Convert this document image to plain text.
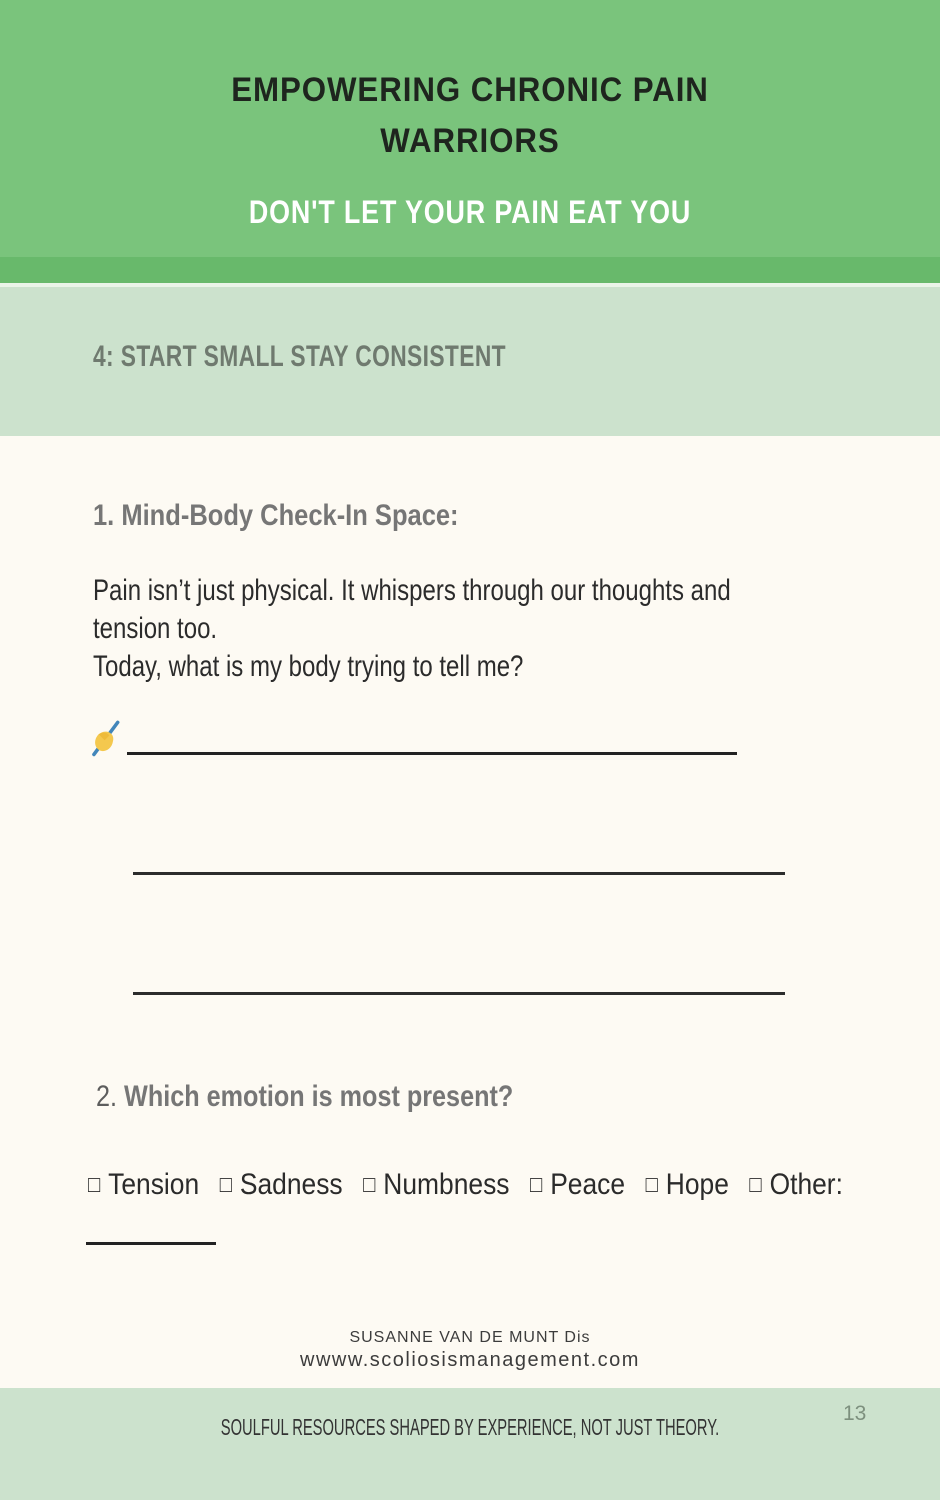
EMPOWERING CHRONIC PAIN
WARRIORS
DON'T LET YOUR PAIN EAT YOU
4: START SMALL STAY CONSISTENT
1. Mind-Body Check-In Space:
Pain isn’t just physical. It whispers through our thoughts and
tension too.
Today, what is my body trying to tell me?
2. Which emotion is most present?
□ Tension □ Sadness □ Numbness □ Peace □ Hope □ Other:
SUSANNE VAN DE MUNT Dis
wwww.scoliosismanagement.com
SOULFUL RESOURCES SHAPED BY EXPERIENCE, NOT JUST THEORY.
13
